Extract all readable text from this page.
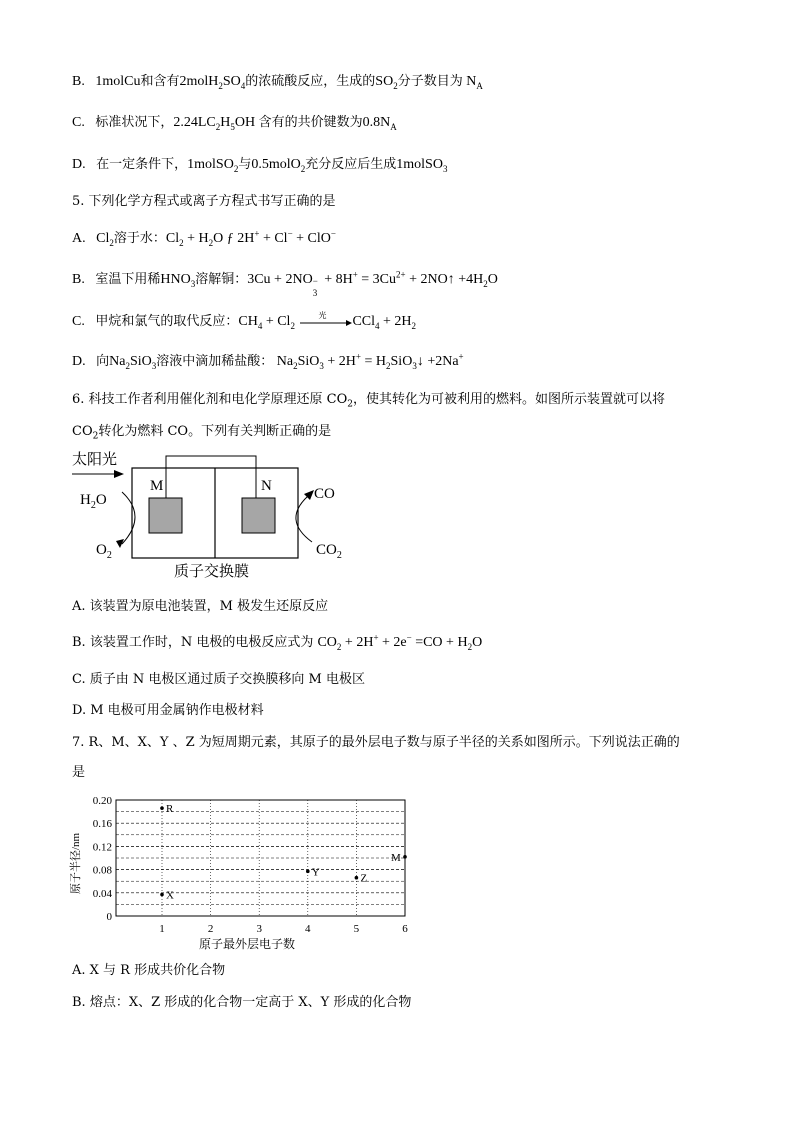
B. 1molCu和含有$2molH_2SO_4$的浓硫酸反应，生成的$SO_2$分子数目为 $N_A$
C. 标准状况下，$2.24LC_2H_5OH$ 含有的共价键数为$0.8N_A$
D. 在一定条件下，1molSO$_2$与0.5molO$_2$充分反应后生成1molSO$_3$
5. 下列化学方程式或离子方程式书写正确的是
A. $Cl_2$溶于水：$Cl_2 + H_2O$ ƒ 2H+ + Cl− + ClO−
B. 室温下用稀$HNO_3$溶解铜：3Cu + 2NO −
3
+ $8H^+ = 3Cu^{2+}$ + 2NO↑ $+4H_2O$
C. 甲烷和氯气的取代反应：$CH_4 + Cl_2$
光 $CCl_4 + 2H_2$
D. 向$Na_2SiO_3$溶液中滴加稀盐酸： $Na_2SiO_3 + 2H^+$ = $H_2SiO_3↓ +2Na^+$
6. 科技工作者利用催化剂和电化学原理还原 $CO_2$，使其转化为可被利用的燃料。如图所示装置就可以将
$CO_2$转化为燃料 CO。下列有关判断正确的是
太阳光
M	N
$H_2O$
$O_2$
CO
$CO_2$
质子交换膜
A. 该装置为原电池装置，M 极发生还原反应
B. 该装置工作时，N 电极的电极反应式为 $CO_2 + 2H^+ + 2e^- =CO + H_2O$
C. 质子由 N 电极区通过质子交换膜移向 M 电极区
D. M 电极可用金属钠作电极材料
7. R、M、X、Y 、Z 为短周期元素，其原子的最外层电子数与原子半径的关系如图所示。下列说法正确的
是
0
0.04
0.08
0.12
0.16
0.20
1	2	3	4	5	6
R
X
Y
Z
M
原子最外层电子数
原子半径/nm
A. X 与 R 形成共价化合物
B. 熔点：X、Z 形成的化合物一定高于 X、Y 形成的化合物
